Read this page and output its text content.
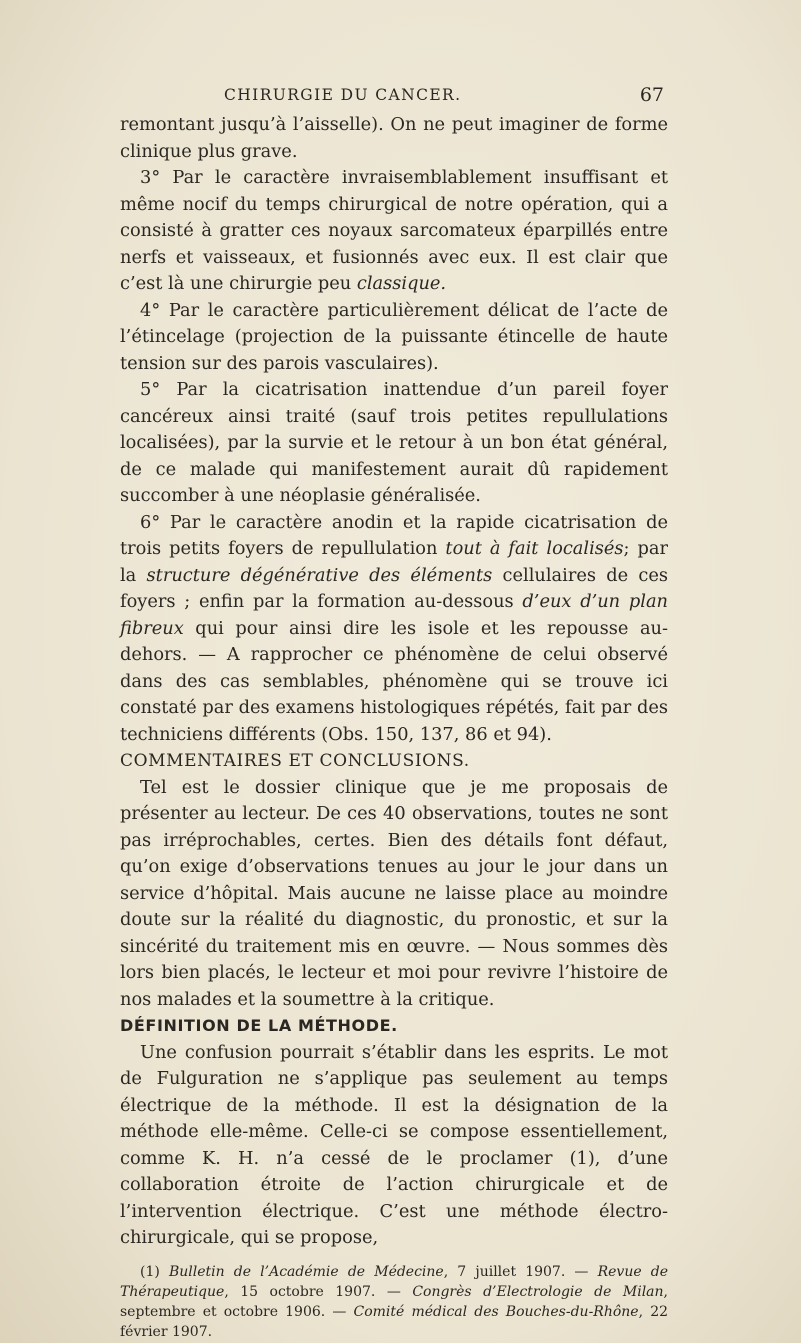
CHIRURGIE DU CANCER.	67

remontant jusqu’à l’aisselle). On ne peut imaginer de forme clinique plus grave.

3° Par le caractère invraisemblablement insuffisant et même nocif du temps chirurgical de notre opération, qui a consisté à gratter ces noyaux sarcomateux éparpillés entre nerfs et vaisseaux, et fusionnés avec eux. Il est clair que c’est là une chirurgie peu classique.

4° Par le caractère particulièrement délicat de l’acte de l’étincelage (projection de la puissante étincelle de haute tension sur des parois vasculaires).

5° Par la cicatrisation inattendue d’un pareil foyer cancéreux ainsi traité (sauf trois petites repullulations localisées), par la survie et le retour à un bon état général, de ce malade qui manifestement aurait dû rapidement succomber à une néoplasie généralisée.

6° Par le caractère anodin et la rapide cicatrisation de trois petits foyers de repullulation tout à fait localisés; par la structure dégénérative des éléments cellulaires de ces foyers ; enfin par la formation au-dessous d’eux d’un plan fibreux qui pour ainsi dire les isole et les repousse au-dehors. — A rapprocher ce phénomène de celui observé dans des cas semblables, phénomène qui se trouve ici constaté par des examens histologiques répétés, fait par des techniciens différents (Obs. 150, 137, 86 et 94).

COMMENTAIRES ET CONCLUSIONS.

Tel est le dossier clinique que je me proposais de présenter au lecteur. De ces 40 observations, toutes ne sont pas irréprochables, certes. Bien des détails font défaut, qu’on exige d’observations tenues au jour le jour dans un service d’hôpital. Mais aucune ne laisse place au moindre doute sur la réalité du diagnostic, du pronostic, et sur la sincérité du traitement mis en œuvre. — Nous sommes dès lors bien placés, le lecteur et moi pour revivre l’histoire de nos malades et la soumettre à la critique.

DÉFINITION DE LA MÉTHODE.

Une confusion pourrait s’établir dans les esprits. Le mot de Fulguration ne s’applique pas seulement au temps électrique de la méthode. Il est la désignation de la méthode elle-même. Celle-ci se compose essentiellement, comme K. H. n’a cessé de le proclamer (1), d’une collaboration étroite de l’action chirurgicale et de l’intervention électrique. C’est une méthode électro-chirurgicale, qui se propose,

(1) Bulletin de l’Académie de Médecine, 7 juillet 1907. — Revue de Thérapeutique, 15 octobre 1907. — Congrès d’Electrologie de Milan, septembre et octobre 1906. — Comité médical des Bouches-du-Rhône, 22 février 1907.
